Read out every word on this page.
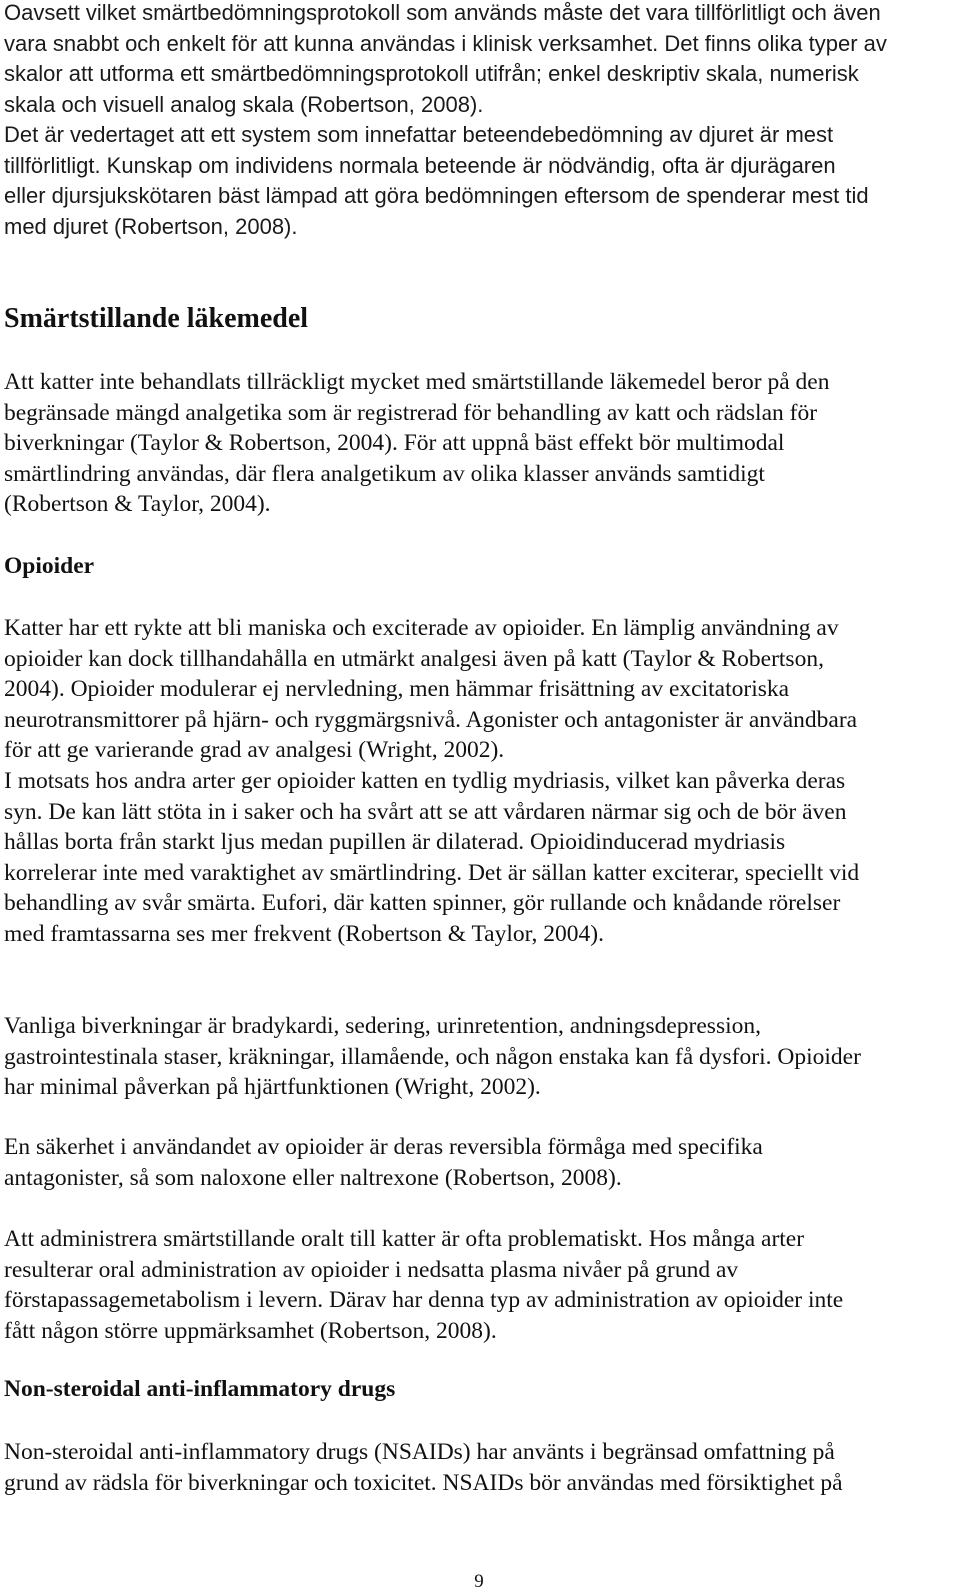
Oavsett vilket smärtbedömningsprotokoll som används måste det vara tillförlitligt och även
vara snabbt och enkelt för att kunna användas i klinisk verksamhet. Det finns olika typer av
skalor att utforma ett smärtbedömningsprotokoll utifrån; enkel deskriptiv skala, numerisk
skala och visuell analog skala (Robertson, 2008).
Det är vedertaget att ett system som innefattar beteendebedömning av djuret är mest
tillförlitligt. Kunskap om individens normala beteende är nödvändig, ofta är djurägaren
eller djursjukskötaren bäst lämpad att göra bedömningen eftersom de spenderar mest tid
med djuret (Robertson, 2008).
Smärtstillande läkemedel
Att katter inte behandlats tillräckligt mycket med smärtstillande läkemedel beror på den
begränsade mängd analgetika som är registrerad för behandling av katt och rädslan för
biverkningar (Taylor & Robertson, 2004). För att uppnå bäst effekt bör multimodal
smärtlindring användas, där flera analgetikum av olika klasser används samtidigt
(Robertson & Taylor, 2004).
Opioider
Katter har ett rykte att bli maniska och exciterade av opioider. En lämplig användning av
opioider kan dock tillhandahålla en utmärkt analgesi även på katt (Taylor & Robertson,
2004). Opioider modulerar ej nervledning, men hämmar frisättning av excitatoriska
neurotransmittorer på hjärn- och ryggmärgsnivå. Agonister och antagonister är användbara
för att ge varierande grad av analgesi (Wright, 2002).
I motsats hos andra arter ger opioider katten en tydlig mydriasis, vilket kan påverka deras
syn. De kan lätt stöta in i saker och ha svårt att se att vårdaren närmar sig och de bör även
hållas borta från starkt ljus medan pupillen är dilaterad. Opioidinducerad mydriasis
korrelerar inte med varaktighet av smärtlindring. Det är sällan katter exciterar, speciellt vid
behandling av svår smärta. Eufori, där katten spinner, gör rullande och knådande rörelser
med framtassarna ses mer frekvent (Robertson & Taylor, 2004).
Vanliga biverkningar är bradykardi, sedering, urinretention, andningsdepression,
gastrointestinala staser, kräkningar, illamående, och någon enstaka kan få dysfori. Opioider
har minimal påverkan på hjärtfunktionen (Wright, 2002).
En säkerhet i användandet av opioider är deras reversibla förmåga med specifika
antagonister, så som naloxone eller naltrexone (Robertson, 2008).
Att administrera smärtstillande oralt till katter är ofta problematiskt. Hos många arter
resulterar oral administration av opioider i nedsatta plasma nivåer på grund av
förstapassagemetabolism i levern. Därav har denna typ av administration av opioider inte
fått någon större uppmärksamhet (Robertson, 2008).
Non-steroidal anti-inflammatory drugs
Non-steroidal anti-inflammatory drugs (NSAIDs) har använts i begränsad omfattning på
grund av rädsla för biverkningar och toxicitet. NSAIDs bör användas med försiktighet på
9
